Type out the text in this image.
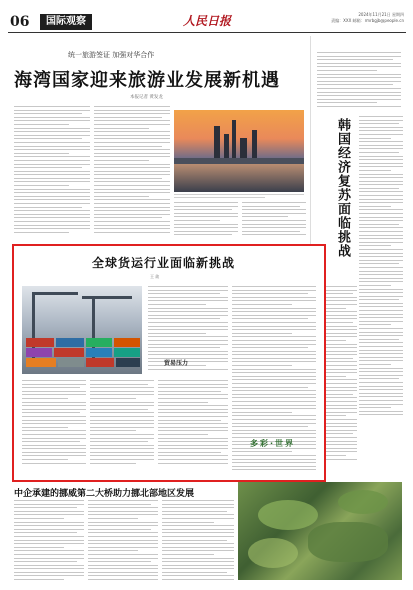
06	国际观察	人民日报	2024年11月21日 星期四
责编：XXX 邮箱：rmrbgjb@people.cn
统一旅游签证 加强对华合作
海湾国家迎来旅游业发展新机遇
本报记者 黄发龙
韩国经济复苏面临挑战
全球货运行业面临新挑战
王 欲
贸易压力
中企承建的挪威第二大桥助力挪北部地区发展
多彩·世界
